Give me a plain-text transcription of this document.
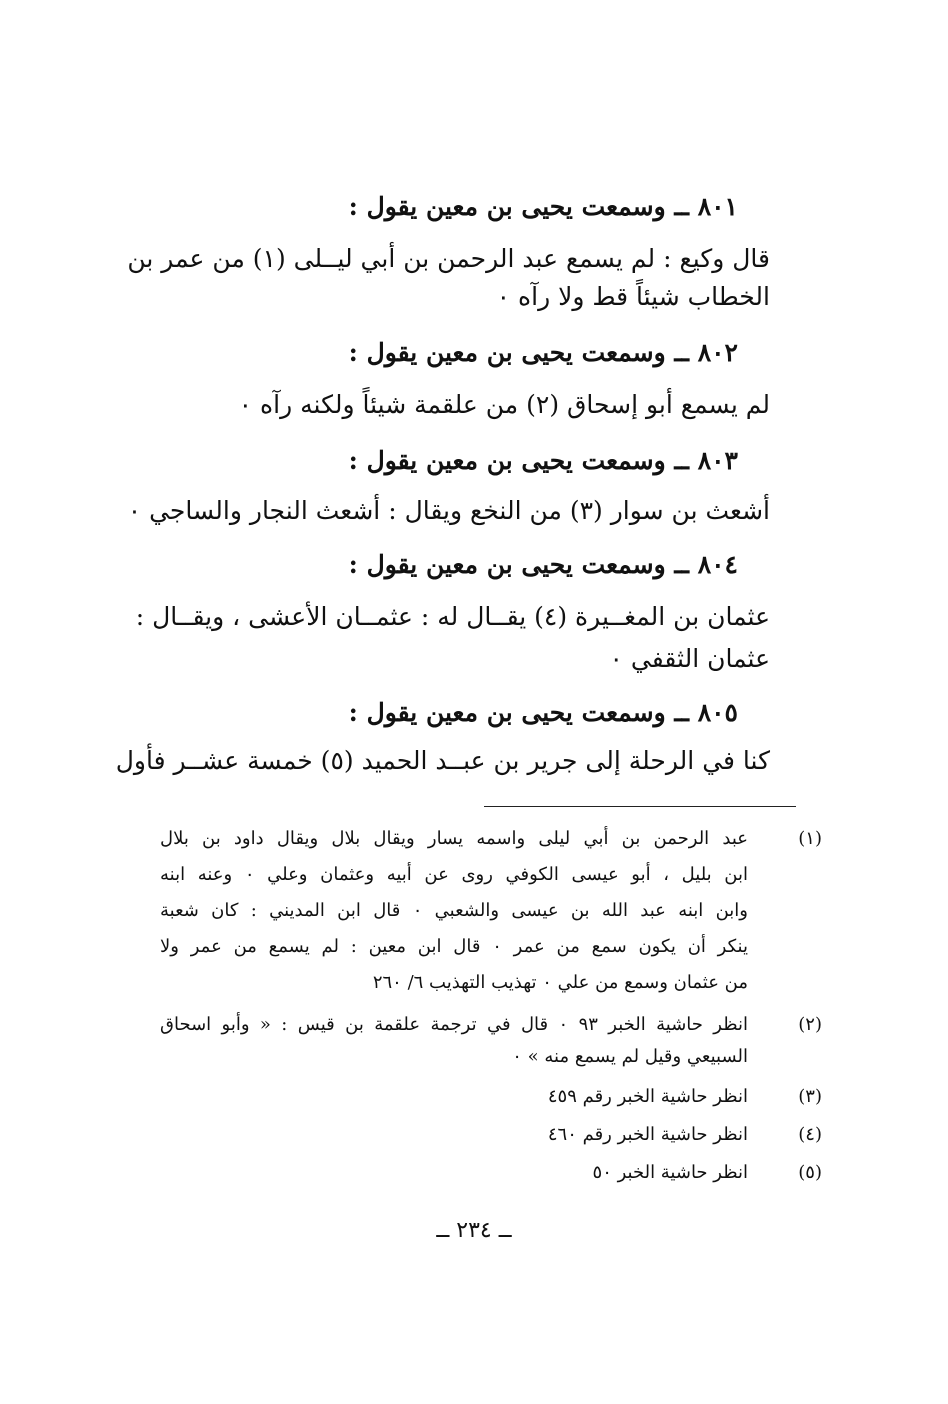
٨٠١ ــ وسمعت يحيى بن معين يقول :
قال وكيع : لم يسمع عبد الرحمن بن أبي ليــلى (١) من عمر بن
الخطاب شيئاً قط ولا رآه ٠
٨٠٢ ــ وسمعت يحيى بن معين يقول :
لم يسمع أبو إسحاق (٢) من علقمة شيئاً ولكنه رآه ٠
٨٠٣ ــ وسمعت يحيى بن معين يقول :
أشعث بن سوار (٣) من النخع ويقال : أشعث النجار والساجي ٠
٨٠٤ ــ وسمعت يحيى بن معين يقول :
عثمان بن المغــيرة (٤) يقــال له : عثمــان الأعشى ، ويقــال :
عثمان الثقفي ٠
٨٠٥ ــ وسمعت يحيى بن معين يقول :
كنا في الرحلة إلى جرير بن عبــد الحميد (٥) خمسة عشــر فأول
(١)
عبد الرحمن بن أبي ليلى واسمه يسار ويقال بلال ويقال داود بن بلال
ابن بليل ، أبو عيسى الكوفي روى عن أبيه وعثمان وعلي ٠ وعنه ابنه
وابن ابنه عبد الله بن عيسى والشعبي ٠ قال ابن المديني : كان شعبة
ينكر أن يكون سمع من عمر ٠ قال ابن معين : لم يسمع من عمر ولا
من عثمان وسمع من علي ٠ تهذيب التهذيب ٦/ ٢٦٠
(٢)
انظر حاشية الخبر ٩٣ ٠ قال في ترجمة علقمة بن قيس : « وأبو اسحاق
السبيعي وقيل لم يسمع منه » ٠
(٣)
انظر حاشية الخبر رقم ٤٥٩
(٤)
انظر حاشية الخبر رقم ٤٦٠
(٥)
انظر حاشية الخبر ٥٠
ــ ٢٣٤ ــ
